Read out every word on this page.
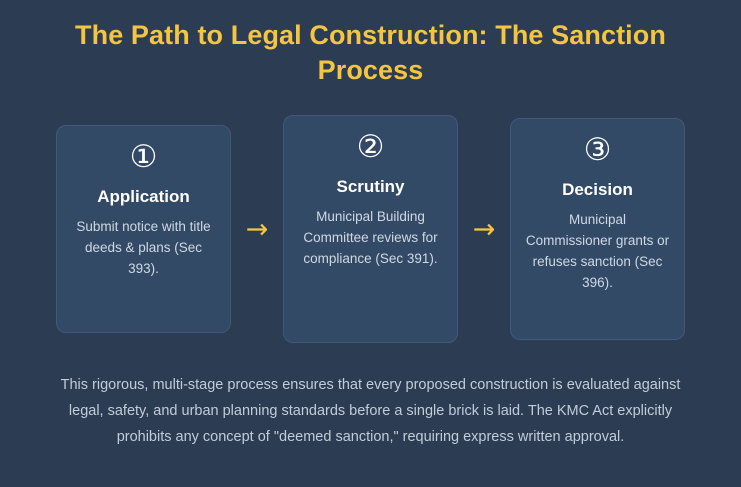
The Path to Legal Construction: The Sanction Process
①
Application
Submit notice with title deeds & plans (Sec 393).
→
②
Scrutiny
Municipal Building Committee reviews for compliance (Sec 391).
→
③
Decision
Municipal Commissioner grants or refuses sanction (Sec 396).
This rigorous, multi-stage process ensures that every proposed construction is evaluated against legal, safety, and urban planning standards before a single brick is laid. The KMC Act explicitly prohibits any concept of "deemed sanction," requiring express written approval.
